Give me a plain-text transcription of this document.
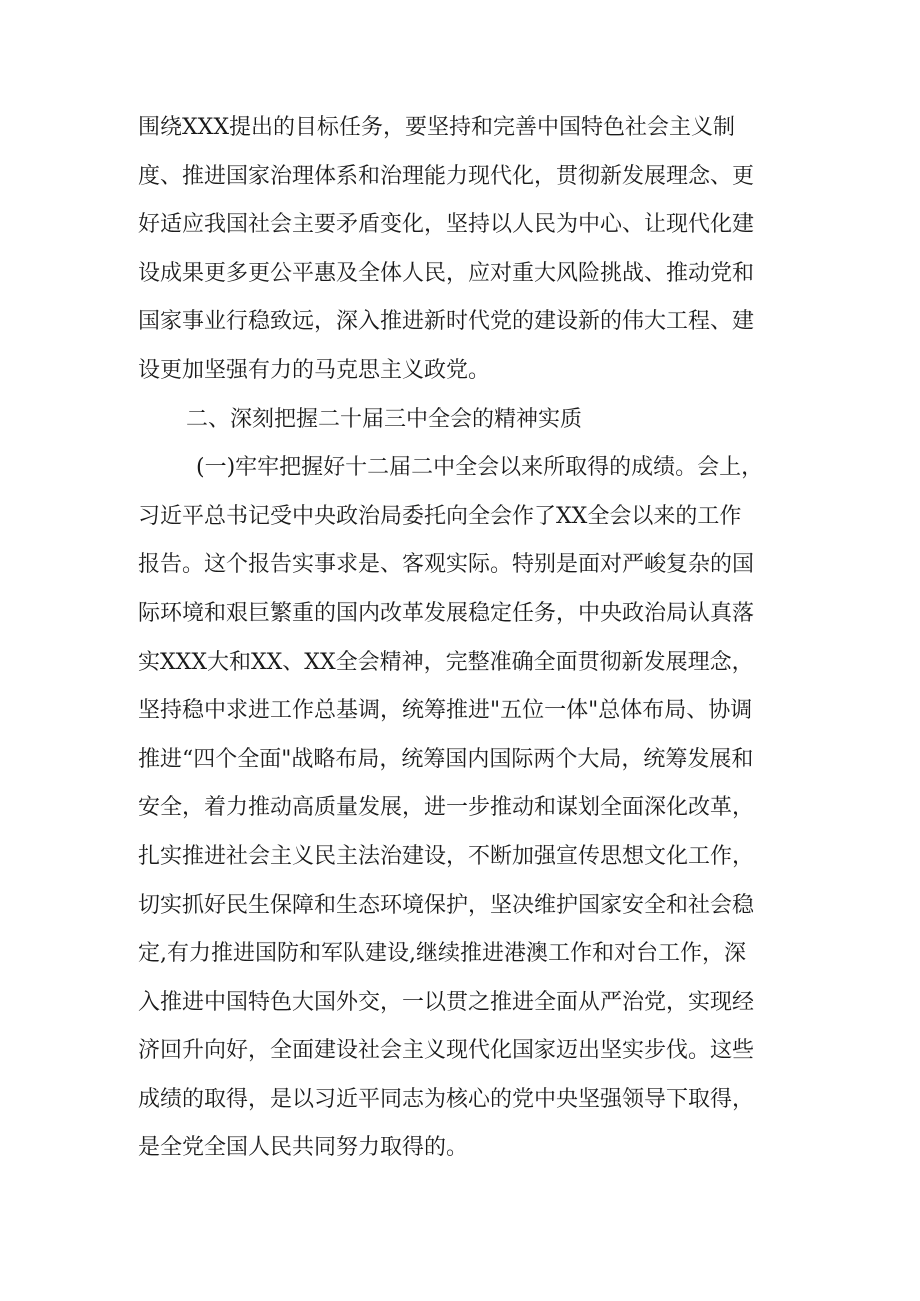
围绕XXX提出的目标任务，要坚持和完善中国特色社会主义制
度、推进国家治理体系和治理能力现代化，贯彻新发展理念、更
好适应我国社会主要矛盾变化，坚持以人民为中心、让现代化建
设成果更多更公平惠及全体人民，应对重大风险挑战、推动党和
国家事业行稳致远，深入推进新时代党的建设新的伟大工程、建
设更加坚强有力的马克思主义政党。
二、深刻把握二十届三中全会的精神实质
(一)牢牢把握好十二届二中全会以来所取得的成绩。会上，
习近平总书记受中央政治局委托向全会作了XX全会以来的工作
报告。这个报告实事求是、客观实际。特别是面对严峻复杂的国
际环境和艰巨繁重的国内改革发展稳定任务，中央政治局认真落
实XXX大和XX、XX全会精神，完整准确全面贯彻新发展理念，
坚持稳中求进工作总基调，统筹推进"五位一体"总体布局、协调
推进“四个全面"战略布局，统筹国内国际两个大局，统筹发展和
安全，着力推动高质量发展，进一步推动和谋划全面深化改革，
扎实推进社会主义民主法治建设，不断加强宣传思想文化工作，
切实抓好民生保障和生态环境保护，坚决维护国家安全和社会稳
定,有力推进国防和军队建设,继续推进港澳工作和对台工作，深
入推进中国特色大国外交，一以贯之推进全面从严治党，实现经
济回升向好，全面建设社会主义现代化国家迈出坚实步伐。这些
成绩的取得，是以习近平同志为核心的党中央坚强领导下取得，
是全党全国人民共同努力取得的。
